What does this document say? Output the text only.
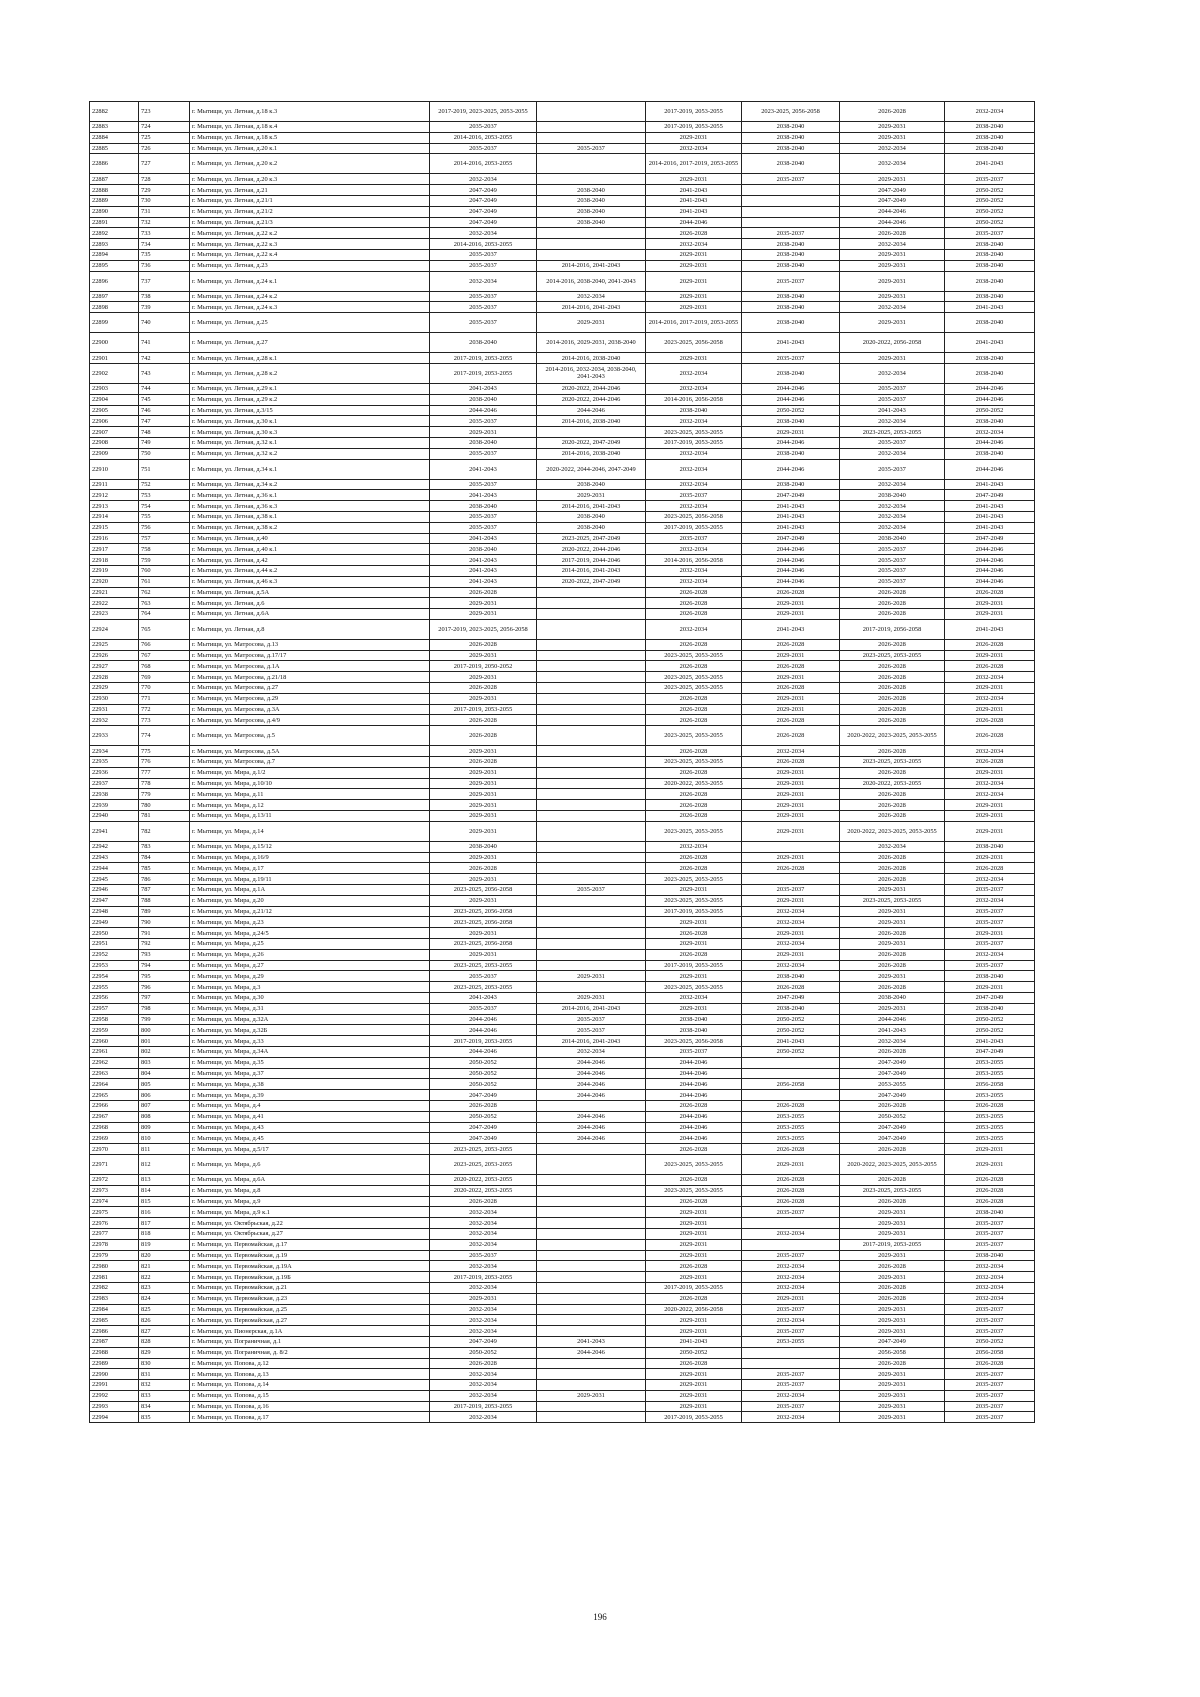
22882	723	г. Мытищи, ул. Летная, д.18 к.3	2017-2019, 2023-2025, 2053-2055		2017-2019, 2053-2055	2023-2025, 2056-2058	2026-2028	2032-2034
22883	724	г. Мытищи, ул. Летная, д.18 к.4	2035-2037		2017-2019, 2053-2055	2038-2040	2029-2031	2038-2040
22884	725	г. Мытищи, ул. Летная, д.18 к.5	2014-2016, 2053-2055		2029-2031	2038-2040	2029-2031	2038-2040
22885	726	г. Мытищи, ул. Летная, д.20 к.1	2035-2037	2035-2037	2032-2034	2038-2040	2032-2034	2038-2040
22886	727	г. Мытищи, ул. Летная, д.20 к.2	2014-2016, 2053-2055		2014-2016, 2017-2019, 2053-2055	2038-2040	2032-2034	2041-2043
22887	728	г. Мытищи, ул. Летная, д.20 к.3	2032-2034		2029-2031	2035-2037	2029-2031	2035-2037
22888	729	г. Мытищи, ул. Летная, д.21	2047-2049	2038-2040	2041-2043		2047-2049	2050-2052
22889	730	г. Мытищи, ул. Летная, д.21/1	2047-2049	2038-2040	2041-2043		2047-2049	2050-2052
22890	731	г. Мытищи, ул. Летная, д.21/2	2047-2049	2038-2040	2041-2043		2044-2046	2050-2052
22891	732	г. Мытищи, ул. Летная, д.21/3	2047-2049	2038-2040	2044-2046		2044-2046	2050-2052
22892	733	г. Мытищи, ул. Летная, д.22 к.2	2032-2034		2026-2028	2035-2037	2026-2028	2035-2037
22893	734	г. Мытищи, ул. Летная, д.22 к.3	2014-2016, 2053-2055		2032-2034	2038-2040	2032-2034	2038-2040
22894	735	г. Мытищи, ул. Летная, д.22 к.4	2035-2037		2029-2031	2038-2040	2029-2031	2038-2040
22895	736	г. Мытищи, ул. Летная, д.23	2035-2037	2014-2016, 2041-2043	2029-2031	2038-2040	2029-2031	2038-2040
22896	737	г. Мытищи, ул. Летная, д.24 к.1	2032-2034	2014-2016, 2038-2040, 2041-2043	2029-2031	2035-2037	2029-2031	2038-2040
22897	738	г. Мытищи, ул. Летная, д.24 к.2	2035-2037	2032-2034	2029-2031	2038-2040	2029-2031	2038-2040
22898	739	г. Мытищи, ул. Летная, д.24 к.3	2035-2037	2014-2016, 2041-2043	2029-2031	2038-2040	2032-2034	2041-2043
22899	740	г. Мытищи, ул. Летная, д.25	2035-2037	2029-2031	2014-2016, 2017-2019, 2053-2055	2038-2040	2029-2031	2038-2040
22900	741	г. Мытищи, ул. Летная, д.27	2038-2040	2014-2016, 2029-2031, 2038-2040	2023-2025, 2056-2058	2041-2043	2020-2022, 2056-2058	2041-2043
22901	742	г. Мытищи, ул. Летная, д.28 к.1	2017-2019, 2053-2055	2014-2016, 2038-2040	2029-2031	2035-2037	2029-2031	2038-2040
22902	743	г. Мытищи, ул. Летная, д.28 к.2	2017-2019, 2053-2055	2014-2016, 2032-2034, 2038-2040, 2041-2043	2032-2034	2038-2040	2032-2034	2038-2040
22903	744	г. Мытищи, ул. Летная, д.29 к.1	2041-2043	2020-2022, 2044-2046	2032-2034	2044-2046	2035-2037	2044-2046
22904	745	г. Мытищи, ул. Летная, д.29 к.2	2038-2040	2020-2022, 2044-2046	2014-2016, 2056-2058	2044-2046	2035-2037	2044-2046
22905	746	г. Мытищи, ул. Летная, д.3/15	2044-2046	2044-2046	2038-2040	2050-2052	2041-2043	2050-2052
22906	747	г. Мытищи, ул. Летная, д.30 к.1	2035-2037	2014-2016, 2038-2040	2032-2034	2038-2040	2032-2034	2038-2040
22907	748	г. Мытищи, ул. Летная, д.30 к.3	2029-2031		2023-2025, 2053-2055	2029-2031	2023-2025, 2053-2055	2032-2034
22908	749	г. Мытищи, ул. Летная, д.32 к.1	2038-2040	2020-2022, 2047-2049	2017-2019, 2053-2055	2044-2046	2035-2037	2044-2046
22909	750	г. Мытищи, ул. Летная, д.32 к.2	2035-2037	2014-2016, 2038-2040	2032-2034	2038-2040	2032-2034	2038-2040
22910	751	г. Мытищи, ул. Летная, д.34 к.1	2041-2043	2020-2022, 2044-2046, 2047-2049	2032-2034	2044-2046	2035-2037	2044-2046
22911	752	г. Мытищи, ул. Летная, д.34 к.2	2035-2037	2038-2040	2032-2034	2038-2040	2032-2034	2041-2043
22912	753	г. Мытищи, ул. Летная, д.36 к.1	2041-2043	2029-2031	2035-2037	2047-2049	2038-2040	2047-2049
22913	754	г. Мытищи, ул. Летная, д.36 к.3	2038-2040	2014-2016, 2041-2043	2032-2034	2041-2043	2032-2034	2041-2043
22914	755	г. Мытищи, ул. Летная, д.38 к.1	2035-2037	2038-2040	2023-2025, 2056-2058	2041-2043	2032-2034	2041-2043
22915	756	г. Мытищи, ул. Летная, д.38 к.2	2035-2037	2038-2040	2017-2019, 2053-2055	2041-2043	2032-2034	2041-2043
22916	757	г. Мытищи, ул. Летная, д.40	2041-2043	2023-2025, 2047-2049	2035-2037	2047-2049	2038-2040	2047-2049
22917	758	г. Мытищи, ул. Летная, д.40 к.1	2038-2040	2020-2022, 2044-2046	2032-2034	2044-2046	2035-2037	2044-2046
22918	759	г. Мытищи, ул. Летная, д.42	2041-2043	2017-2019, 2044-2046	2014-2016, 2056-2058	2044-2046	2035-2037	2044-2046
22919	760	г. Мытищи, ул. Летная, д.44 к.2	2041-2043	2014-2016, 2041-2043	2032-2034	2044-2046	2035-2037	2044-2046
22920	761	г. Мытищи, ул. Летная, д.46 к.3	2041-2043	2020-2022, 2047-2049	2032-2034	2044-2046	2035-2037	2044-2046
22921	762	г. Мытищи, ул. Летная, д.5А	2026-2028		2026-2028	2026-2028	2026-2028	2026-2028
22922	763	г. Мытищи, ул. Летная, д.6	2029-2031		2026-2028	2029-2031	2026-2028	2029-2031
22923	764	г. Мытищи, ул. Летная, д.6А	2029-2031		2026-2028	2029-2031	2026-2028	2029-2031
22924	765	г. Мытищи, ул. Летная, д.8	2017-2019, 2023-2025, 2056-2058		2032-2034	2041-2043	2017-2019, 2056-2058	2041-2043
22925	766	г. Мытищи, ул. Матросова, д.13	2026-2028		2026-2028	2026-2028	2026-2028	2026-2028
22926	767	г. Мытищи, ул. Матросова, д.17/17	2029-2031		2023-2025, 2053-2055	2029-2031	2023-2025, 2053-2055	2029-2031
22927	768	г. Мытищи, ул. Матросова, д.1А	2017-2019, 2050-2052		2026-2028	2026-2028	2026-2028	2026-2028
22928	769	г. Мытищи, ул. Матросова, д.21/18	2029-2031		2023-2025, 2053-2055	2029-2031	2026-2028	2032-2034
22929	770	г. Мытищи, ул. Матросова, д.27	2026-2028		2023-2025, 2053-2055	2026-2028	2026-2028	2029-2031
22930	771	г. Мытищи, ул. Матросова, д.29	2029-2031		2026-2028	2029-2031	2026-2028	2032-2034
22931	772	г. Мытищи, ул. Матросова, д.3А	2017-2019, 2053-2055		2026-2028	2029-2031	2026-2028	2029-2031
22932	773	г. Мытищи, ул. Матросова, д.4/9	2026-2028		2026-2028	2026-2028	2026-2028	2026-2028
22933	774	г. Мытищи, ул. Матросова, д.5	2026-2028		2023-2025, 2053-2055	2026-2028	2020-2022, 2023-2025, 2053-2055	2026-2028
22934	775	г. Мытищи, ул. Матросова, д.5А	2029-2031		2026-2028	2032-2034	2026-2028	2032-2034
22935	776	г. Мытищи, ул. Матросова, д.7	2026-2028		2023-2025, 2053-2055	2026-2028	2023-2025, 2053-2055	2026-2028
22936	777	г. Мытищи, ул. Мира, д.1/2	2029-2031		2026-2028	2029-2031	2026-2028	2029-2031
22937	778	г. Мытищи, ул. Мира, д.10/10	2029-2031		2020-2022, 2053-2055	2029-2031	2020-2022, 2053-2055	2032-2034
22938	779	г. Мытищи, ул. Мира, д.11	2029-2031		2026-2028	2029-2031	2026-2028	2032-2034
22939	780	г. Мытищи, ул. Мира, д.12	2029-2031		2026-2028	2029-2031	2026-2028	2029-2031
22940	781	г. Мытищи, ул. Мира, д.13/11	2029-2031		2026-2028	2029-2031	2026-2028	2029-2031
22941	782	г. Мытищи, ул. Мира, д.14	2029-2031		2023-2025, 2053-2055	2029-2031	2020-2022, 2023-2025, 2053-2055	2029-2031
22942	783	г. Мытищи, ул. Мира, д.15/12	2038-2040		2032-2034		2032-2034	2038-2040
22943	784	г. Мытищи, ул. Мира, д.16/9	2029-2031		2026-2028	2029-2031	2026-2028	2029-2031
22944	785	г. Мытищи, ул. Мира, д.17	2026-2028		2026-2028	2026-2028	2026-2028	2026-2028
22945	786	г. Мытищи, ул. Мира, д.19/11	2029-2031		2023-2025, 2053-2055		2026-2028	2032-2034
22946	787	г. Мытищи, ул. Мира, д.1А	2023-2025, 2056-2058	2035-2037	2029-2031	2035-2037	2029-2031	2035-2037
22947	788	г. Мытищи, ул. Мира, д.20	2029-2031		2023-2025, 2053-2055	2029-2031	2023-2025, 2053-2055	2032-2034
22948	789	г. Мытищи, ул. Мира, д.21/12	2023-2025, 2056-2058		2017-2019, 2053-2055	2032-2034	2029-2031	2035-2037
22949	790	г. Мытищи, ул. Мира, д.23	2023-2025, 2056-2058		2029-2031	2032-2034	2029-2031	2035-2037
22950	791	г. Мытищи, ул. Мира, д.24/5	2029-2031		2026-2028	2029-2031	2026-2028	2029-2031
22951	792	г. Мытищи, ул. Мира, д.25	2023-2025, 2056-2058		2029-2031	2032-2034	2029-2031	2035-2037
22952	793	г. Мытищи, ул. Мира, д.26	2029-2031		2026-2028	2029-2031	2026-2028	2032-2034
22953	794	г. Мытищи, ул. Мира, д.27	2023-2025, 2053-2055		2017-2019, 2053-2055	2032-2034	2026-2028	2035-2037
22954	795	г. Мытищи, ул. Мира, д.29	2035-2037	2029-2031	2029-2031	2038-2040	2029-2031	2038-2040
22955	796	г. Мытищи, ул. Мира, д.3	2023-2025, 2053-2055		2023-2025, 2053-2055	2026-2028	2026-2028	2029-2031
22956	797	г. Мытищи, ул. Мира, д.30	2041-2043	2029-2031	2032-2034	2047-2049	2038-2040	2047-2049
22957	798	г. Мытищи, ул. Мира, д.31	2035-2037	2014-2016, 2041-2043	2029-2031	2038-2040	2029-2031	2038-2040
22958	799	г. Мытищи, ул. Мира, д.32А	2044-2046	2035-2037	2038-2040	2050-2052	2044-2046	2050-2052
22959	800	г. Мытищи, ул. Мира, д.32Б	2044-2046	2035-2037	2038-2040	2050-2052	2041-2043	2050-2052
22960	801	г. Мытищи, ул. Мира, д.33	2017-2019, 2053-2055	2014-2016, 2041-2043	2023-2025, 2056-2058	2041-2043	2032-2034	2041-2043
22961	802	г. Мытищи, ул. Мира, д.34А	2044-2046	2032-2034	2035-2037	2050-2052	2026-2028	2047-2049
22962	803	г. Мытищи, ул. Мира, д.35	2050-2052	2044-2046	2044-2046		2047-2049	2053-2055
22963	804	г. Мытищи, ул. Мира, д.37	2050-2052	2044-2046	2044-2046		2047-2049	2053-2055
22964	805	г. Мытищи, ул. Мира, д.38	2050-2052	2044-2046	2044-2046	2056-2058	2053-2055	2056-2058
22965	806	г. Мытищи, ул. Мира, д.39	2047-2049	2044-2046	2044-2046		2047-2049	2053-2055
22966	807	г. Мытищи, ул. Мира, д.4	2026-2028		2026-2028	2026-2028	2026-2028	2026-2028
22967	808	г. Мытищи, ул. Мира, д.41	2050-2052	2044-2046	2044-2046	2053-2055	2050-2052	2053-2055
22968	809	г. Мытищи, ул. Мира, д.43	2047-2049	2044-2046	2044-2046	2053-2055	2047-2049	2053-2055
22969	810	г. Мытищи, ул. Мира, д.45	2047-2049	2044-2046	2044-2046	2053-2055	2047-2049	2053-2055
22970	811	г. Мытищи, ул. Мира, д.5/17	2023-2025, 2053-2055		2026-2028	2026-2028	2026-2028	2029-2031
22971	812	г. Мытищи, ул. Мира, д.6	2023-2025, 2053-2055		2023-2025, 2053-2055	2029-2031	2020-2022, 2023-2025, 2053-2055	2029-2031
22972	813	г. Мытищи, ул. Мира, д.6А	2020-2022, 2053-2055		2026-2028	2026-2028	2026-2028	2026-2028
22973	814	г. Мытищи, ул. Мира, д.8	2020-2022, 2053-2055		2023-2025, 2053-2055	2026-2028	2023-2025, 2053-2055	2026-2028
22974	815	г. Мытищи, ул. Мира, д.9	2026-2028		2026-2028	2026-2028	2026-2028	2026-2028
22975	816	г. Мытищи, ул. Мира, д.9 к.1	2032-2034		2029-2031	2035-2037	2029-2031	2038-2040
22976	817	г. Мытищи, ул. Октябрьская, д.22	2032-2034		2029-2031		2029-2031	2035-2037
22977	818	г. Мытищи, ул. Октябрьская, д.27	2032-2034		2029-2031	2032-2034	2029-2031	2035-2037
22978	819	г. Мытищи, ул. Первомайская, д.17	2032-2034		2029-2031		2017-2019, 2053-2055	2035-2037
22979	820	г. Мытищи, ул. Первомайская, д.19	2035-2037		2029-2031	2035-2037	2029-2031	2038-2040
22980	821	г. Мытищи, ул. Первомайская, д.19А	2032-2034		2026-2028	2032-2034	2026-2028	2032-2034
22981	822	г. Мытищи, ул. Первомайская, д.19Б	2017-2019, 2053-2055		2029-2031	2032-2034	2029-2031	2032-2034
22982	823	г. Мытищи, ул. Первомайская, д.21	2032-2034		2017-2019, 2053-2055	2032-2034	2026-2028	2032-2034
22983	824	г. Мытищи, ул. Первомайская, д.23	2029-2031		2026-2028	2029-2031	2026-2028	2032-2034
22984	825	г. Мытищи, ул. Первомайская, д.25	2032-2034		2020-2022, 2056-2058	2035-2037	2029-2031	2035-2037
22985	826	г. Мытищи, ул. Первомайская, д.27	2032-2034		2029-2031	2032-2034	2029-2031	2035-2037
22986	827	г. Мытищи, ул. Пионерская, д.1А	2032-2034		2029-2031	2035-2037	2029-2031	2035-2037
22987	828	г. Мытищи, ул. Пограничная, д.1	2047-2049	2041-2043	2041-2043	2053-2055	2047-2049	2050-2052
22988	829	г. Мытищи, ул. Пограничная, д. 8/2	2050-2052	2044-2046	2050-2052		2056-2058	2056-2058
22989	830	г. Мытищи, ул. Попова, д.12	2026-2028		2026-2028		2026-2028	2026-2028
22990	831	г. Мытищи, ул. Попова, д.13	2032-2034		2029-2031	2035-2037	2029-2031	2035-2037
22991	832	г. Мытищи, ул. Попова, д.14	2032-2034		2029-2031	2035-2037	2029-2031	2035-2037
22992	833	г. Мытищи, ул. Попова, д.15	2032-2034	2029-2031	2029-2031	2032-2034	2029-2031	2035-2037
22993	834	г. Мытищи, ул. Попова, д.16	2017-2019, 2053-2055		2029-2031	2035-2037	2029-2031	2035-2037
22994	835	г. Мытищи, ул. Попова, д.17	2032-2034		2017-2019, 2053-2055	2032-2034	2029-2031	2035-2037
196
